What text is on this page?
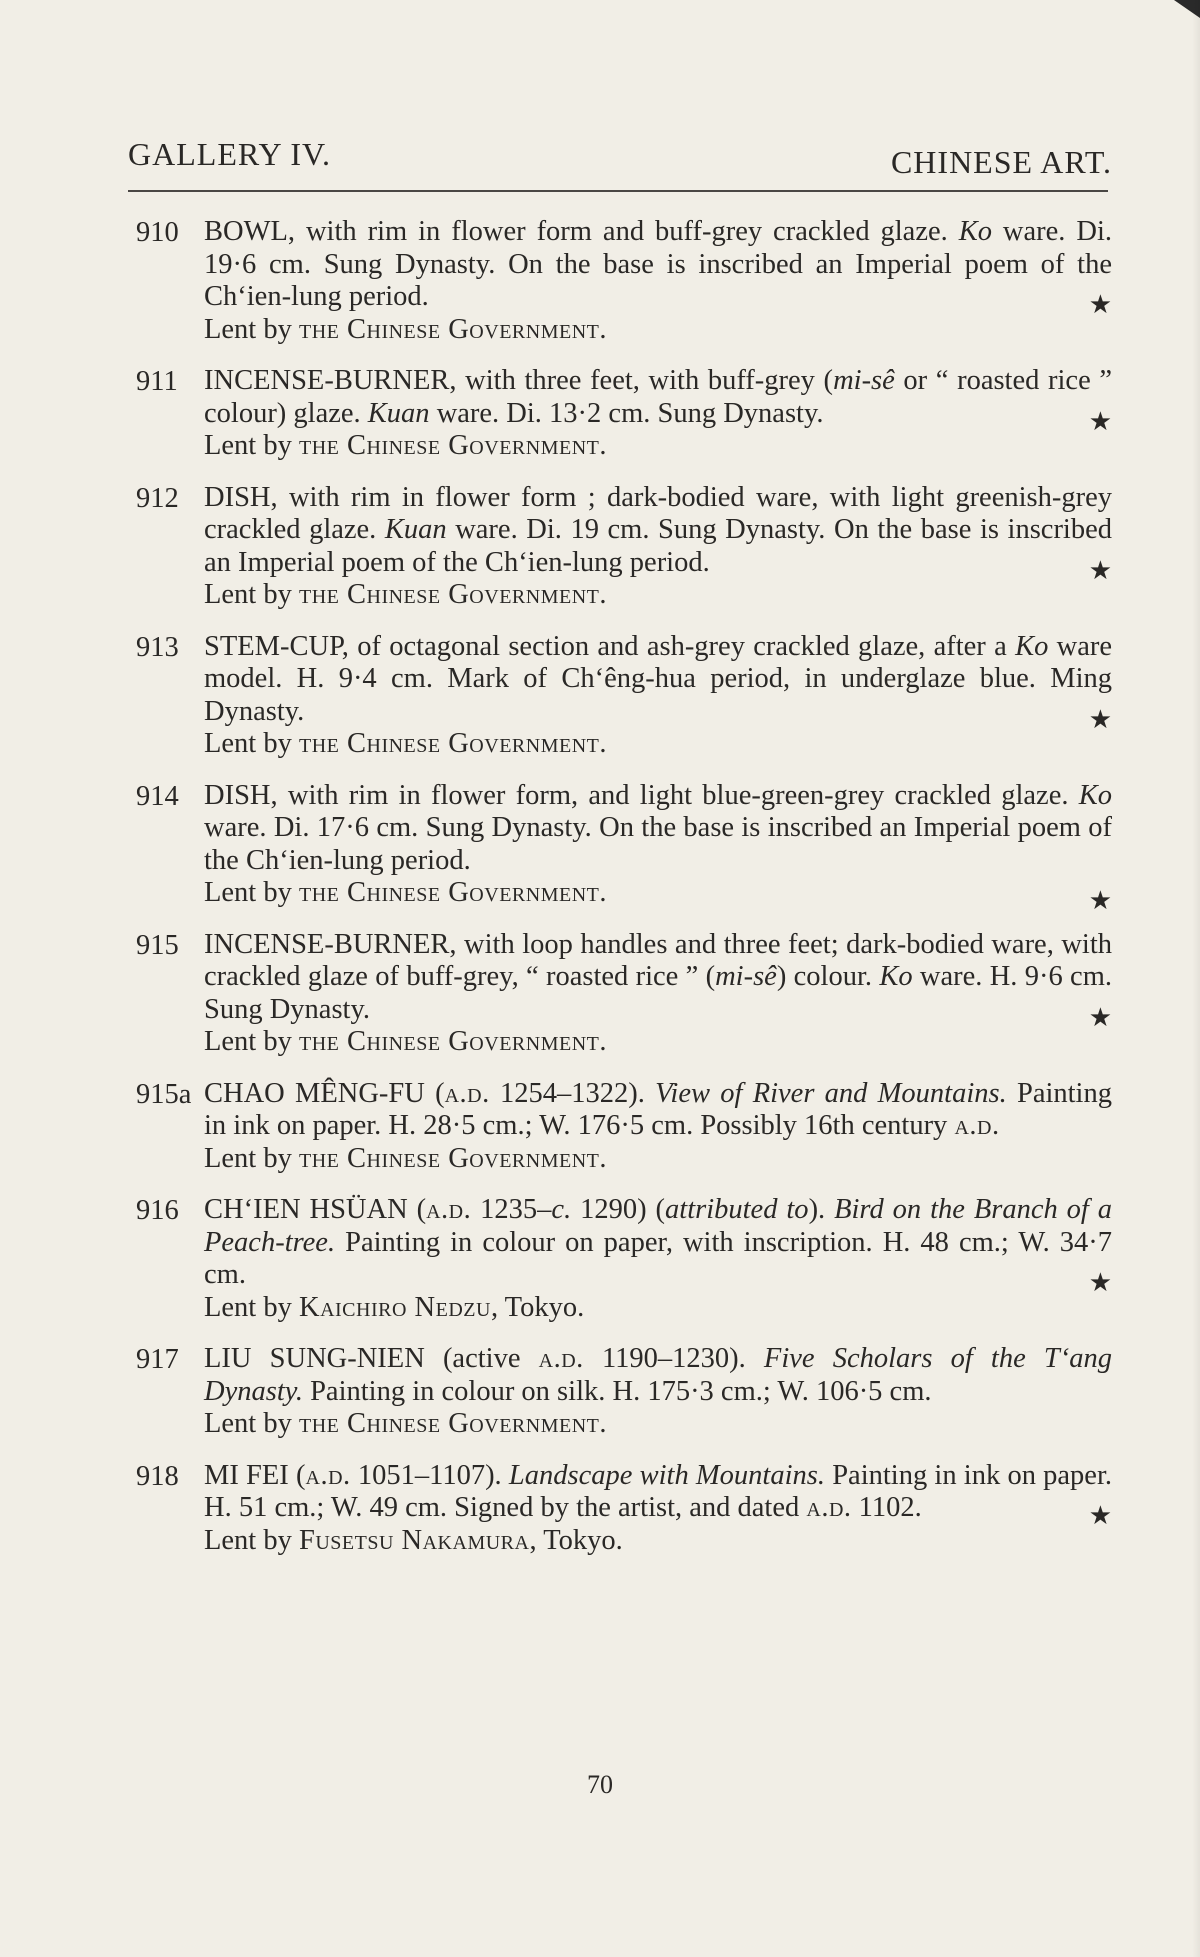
GALLERY IV.	CHINESE ART.
910 BOWL, with rim in flower form and buff-grey crackled glaze. Ko ware. Di. 19·6 cm. Sung Dynasty. On the base is inscribed an Imperial poem of the Ch‘ien-lung period.	★
Lent by the Chinese Government.
911 INCENSE-BURNER, with three feet, with buff-grey (mi-sê or “ roasted rice ” colour) glaze. Kuan ware. Di. 13·2 cm. Sung Dynasty.	★
Lent by the Chinese Government.
912 DISH, with rim in flower form ; dark-bodied ware, with light greenish-grey crackled glaze. Kuan ware. Di. 19 cm. Sung Dynasty. On the base is inscribed an Imperial poem of the Ch‘ien-lung period.	★
Lent by the Chinese Government.
913 STEM-CUP, of octagonal section and ash-grey crackled glaze, after a Ko ware model. H. 9·4 cm. Mark of Ch‘êng-hua period, in underglaze blue. Ming Dynasty.	★
Lent by the Chinese Government.
914 DISH, with rim in flower form, and light blue-green-grey crackled glaze. Ko ware. Di. 17·6 cm. Sung Dynasty. On the base is inscribed an Imperial poem of the Ch‘ien-lung period.
Lent by the Chinese Government.	★
915 INCENSE-BURNER, with loop handles and three feet; dark-bodied ware, with crackled glaze of buff-grey, “ roasted rice ” (mi-sê) colour. Ko ware. H. 9·6 cm. Sung Dynasty.	★
Lent by the Chinese Government.
915a CHAO MÊNG-FU (a.d. 1254–1322). View of River and Mountains. Painting in ink on paper. H. 28·5 cm.; W. 176·5 cm. Possibly 16th century a.d.
Lent by the Chinese Government.
916 CH‘IEN HSÜAN (a.d. 1235–c. 1290) (attributed to). Bird on the Branch of a Peach-tree. Painting in colour on paper, with inscription. H. 48 cm.; W. 34·7 cm.	★
Lent by Kaichiro Nedzu, Tokyo.
917 LIU SUNG-NIEN (active a.d. 1190–1230). Five Scholars of the T‘ang Dynasty. Painting in colour on silk. H. 175·3 cm.; W. 106·5 cm.
Lent by the Chinese Government.
918 MI FEI (a.d. 1051–1107). Landscape with Mountains. Painting in ink on paper. H. 51 cm.; W. 49 cm. Signed by the artist, and dated a.d. 1102.	★
Lent by Fusetsu Nakamura, Tokyo.
70
